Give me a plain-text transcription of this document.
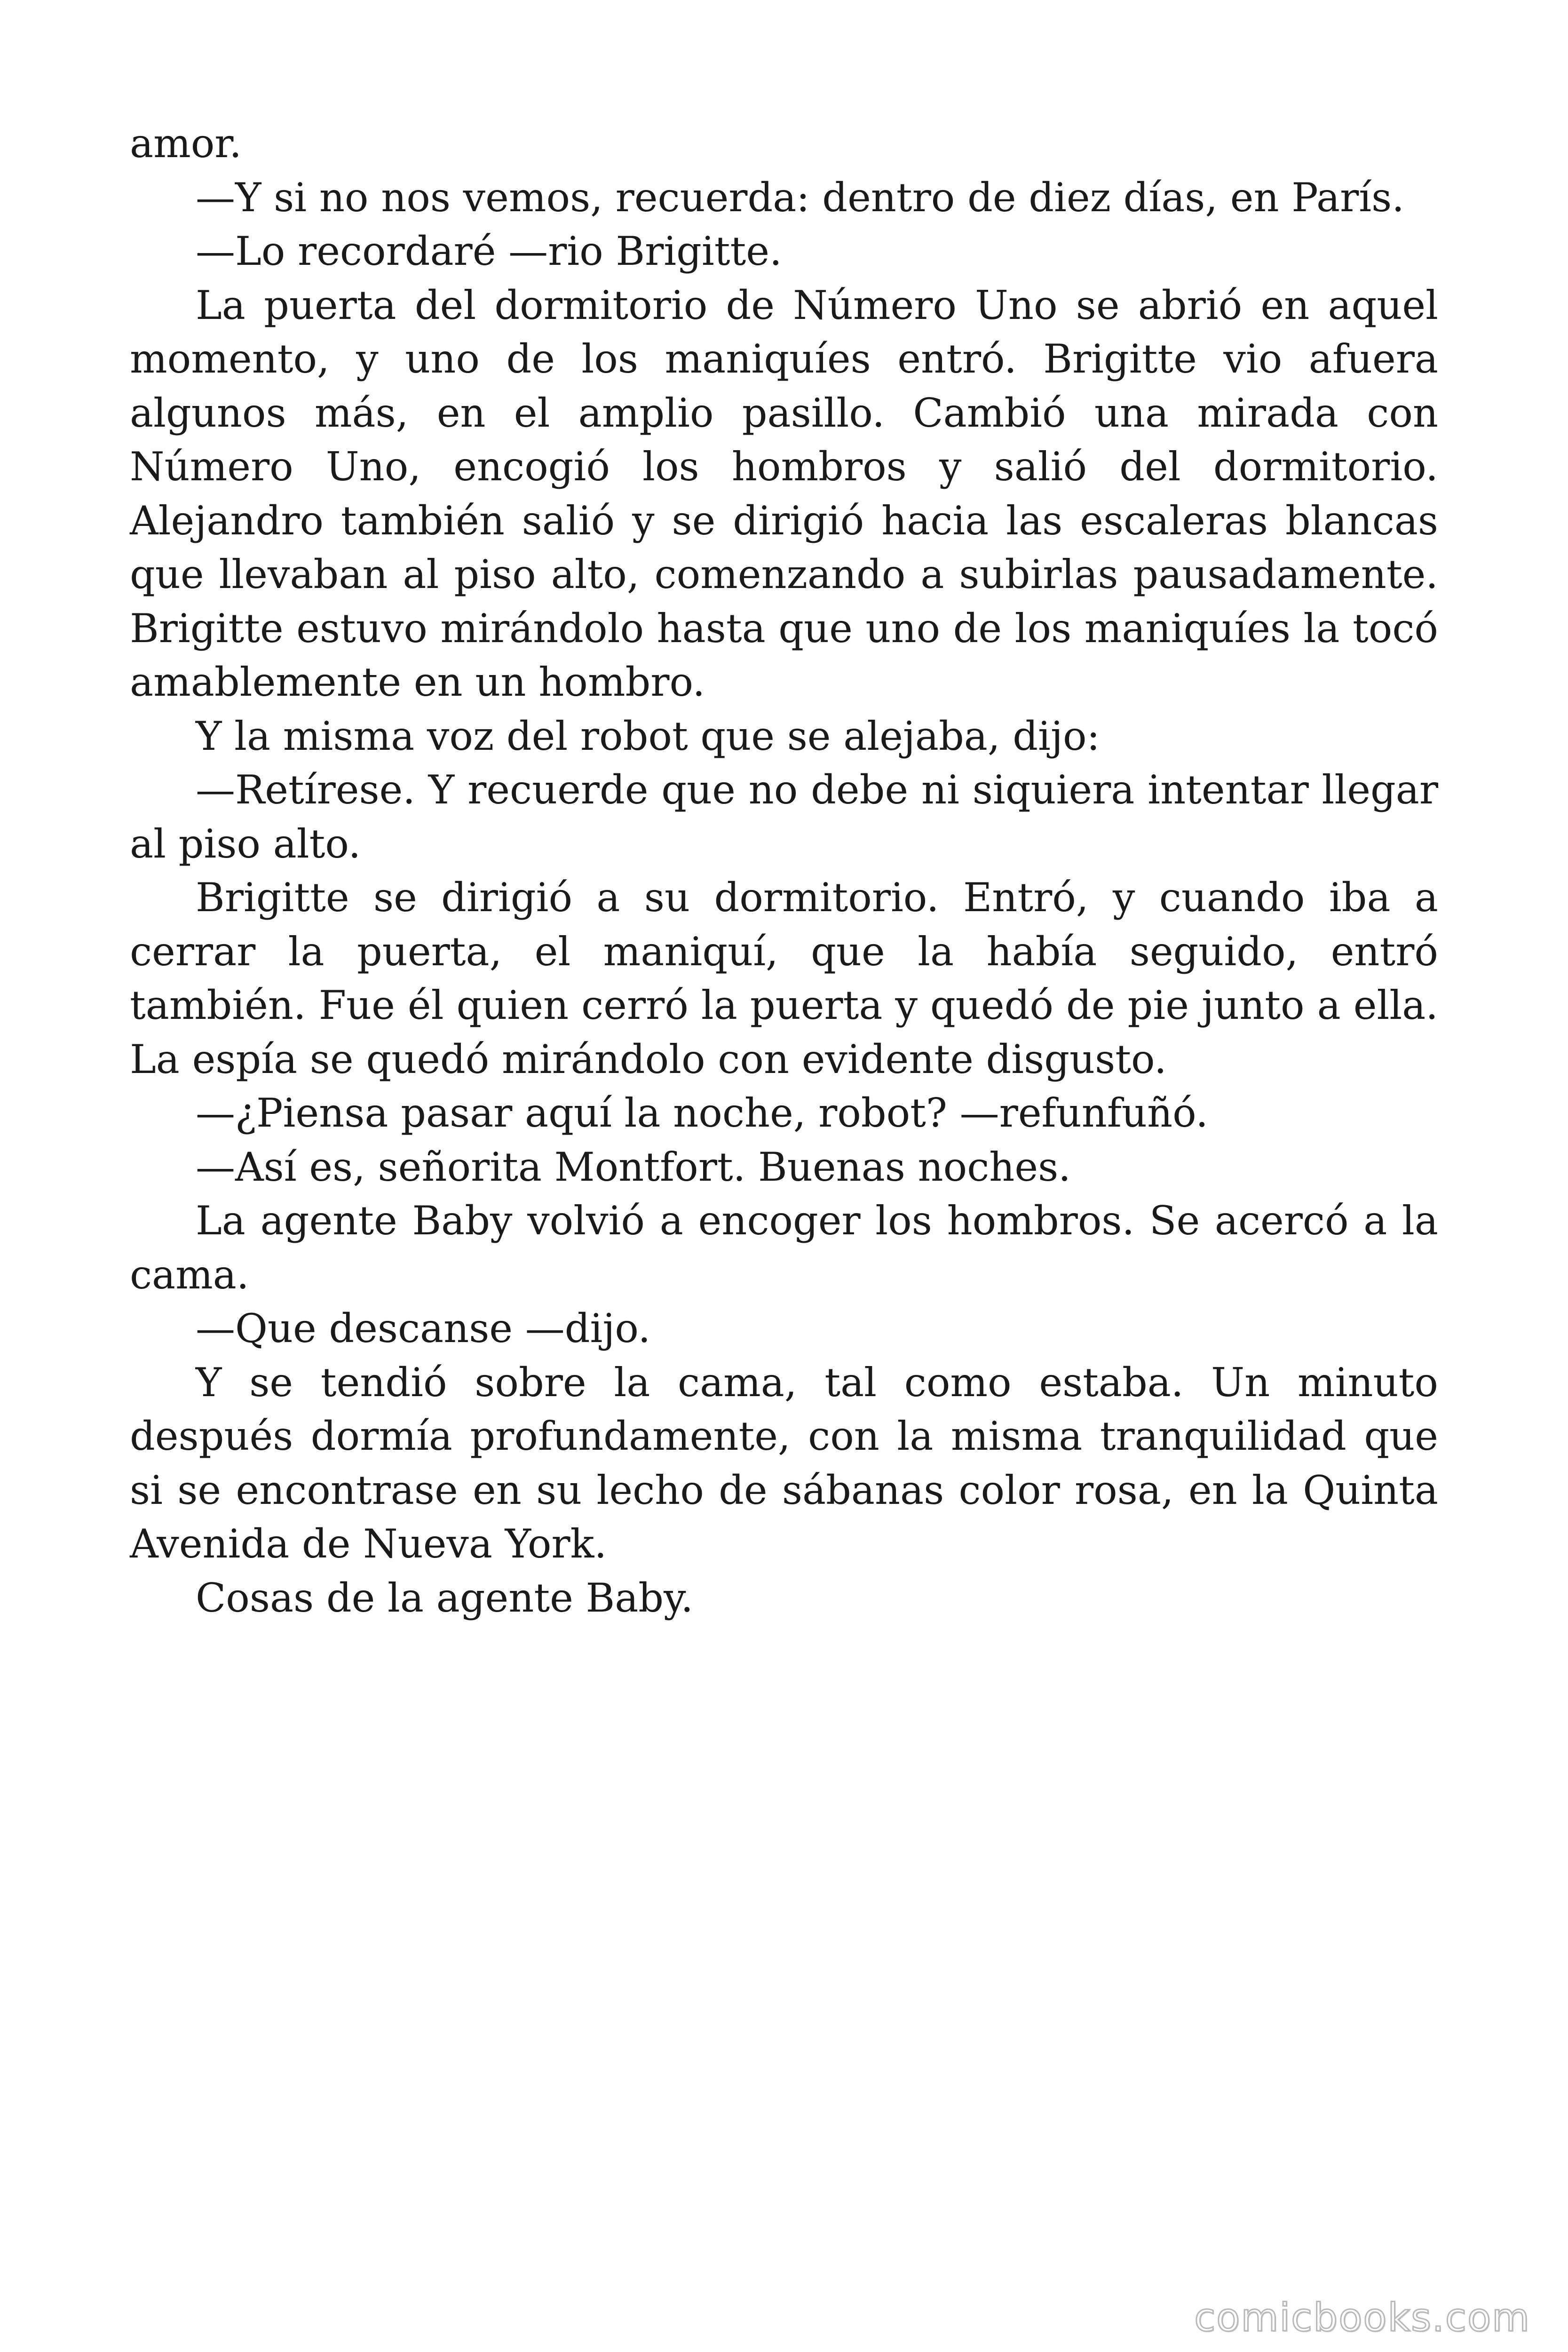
amor.

—Y si no nos vemos, recuerda: dentro de diez días, en París.

—Lo recordaré —rio Brigitte.

La puerta del dormitorio de Número Uno se abrió en aquel momento, y uno de los maniquíes entró. Brigitte vio afuera algunos más, en el amplio pasillo. Cambió una mirada con Número Uno, encogió los hombros y salió del dormitorio. Alejandro también salió y se dirigió hacia las escaleras blancas que llevaban al piso alto, comenzando a subirlas pausadamente. Brigitte estuvo mirándolo hasta que uno de los maniquíes la tocó amablemente en un hombro.

Y la misma voz del robot que se alejaba, dijo:

—Retírese. Y recuerde que no debe ni siquiera intentar llegar al piso alto.

Brigitte se dirigió a su dormitorio. Entró, y cuando iba a cerrar la puerta, el maniquí, que la había seguido, entró también. Fue él quien cerró la puerta y quedó de pie junto a ella. La espía se quedó mirándolo con evidente disgusto.

—¿Piensa pasar aquí la noche, robot? —refunfuñó.

—Así es, señorita Montfort. Buenas noches.

La agente Baby volvió a encoger los hombros. Se acercó a la cama.

—Que descanse —dijo.

Y se tendió sobre la cama, tal como estaba. Un minuto después dormía profundamente, con la misma tranquilidad que si se encontrase en su lecho de sábanas color rosa, en la Quinta Avenida de Nueva York.

Cosas de la agente Baby.

comicbooks.com
